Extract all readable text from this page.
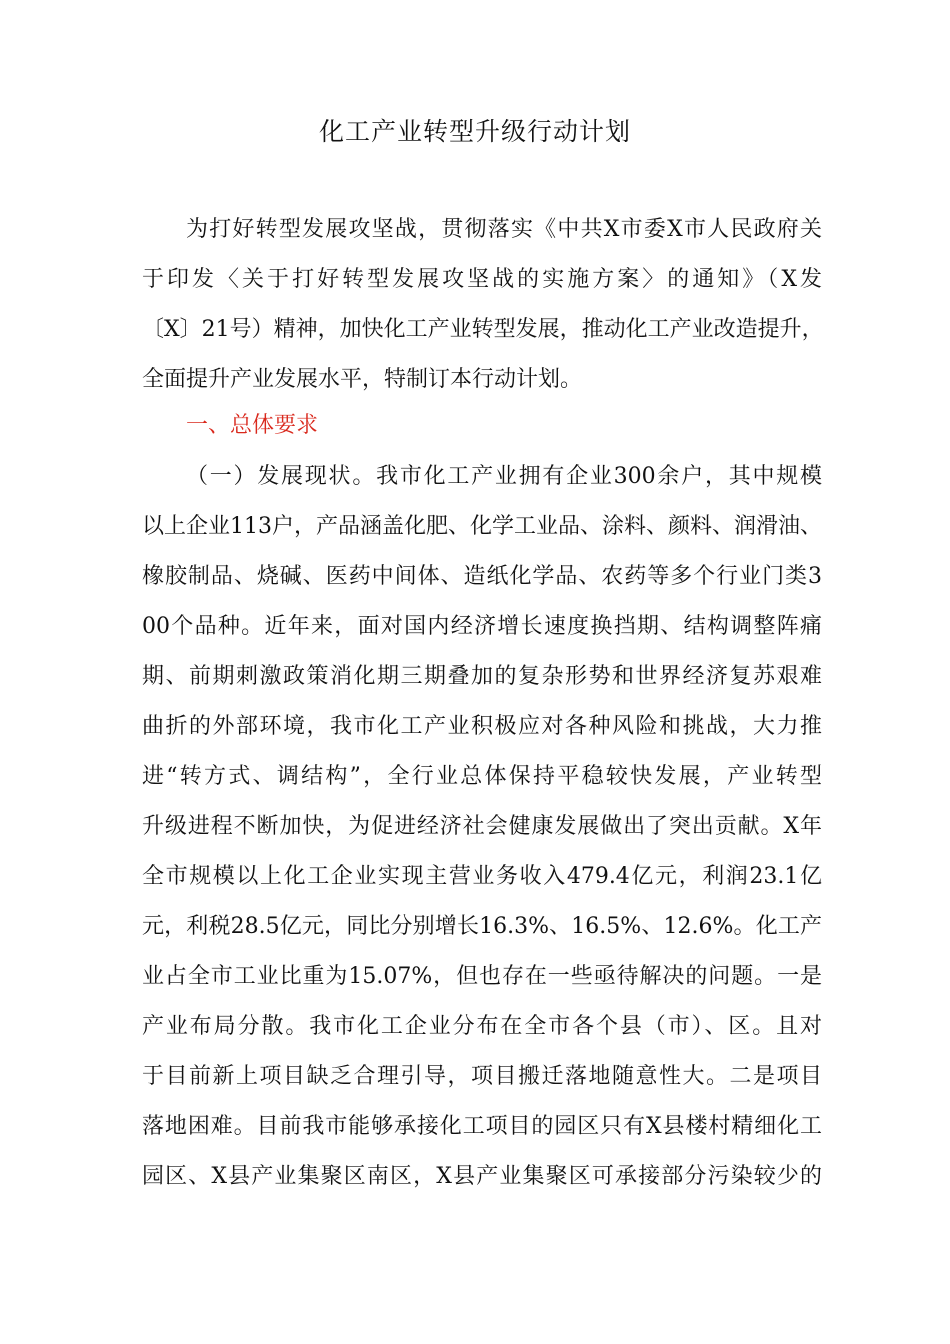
化工产业转型升级行动计划
为打好转型发展攻坚战，贯彻落实《中共X市委X市人民政府关
于印发〈关于打好转型发展攻坚战的实施方案〉的通知》（X发
〔X〕21号）精神，加快化工产业转型发展，推动化工产业改造提升，
全面提升产业发展水平，特制订本行动计划。
一、总体要求
（一）发展现状。我市化工产业拥有企业300余户，其中规模
以上企业113户，产品涵盖化肥、化学工业品、涂料、颜料、润滑油、
橡胶制品、烧碱、医药中间体、造纸化学品、农药等多个行业门类3
00个品种。近年来，面对国内经济增长速度换挡期、结构调整阵痛
期、前期刺激政策消化期三期叠加的复杂形势和世界经济复苏艰难
曲折的外部环境，我市化工产业积极应对各种风险和挑战，大力推
进“转方式、调结构”，全行业总体保持平稳较快发展，产业转型
升级进程不断加快，为促进经济社会健康发展做出了突出贡献。X年
全市规模以上化工企业实现主营业务收入479.4亿元，利润23.1亿
元，利税28.5亿元，同比分别增长16.3%、16.5%、12.6%。化工产
业占全市工业比重为15.07%，但也存在一些亟待解决的问题。一是
产业布局分散。我市化工企业分布在全市各个县（市）、区。且对
于目前新上项目缺乏合理引导，项目搬迁落地随意性大。二是项目
落地困难。目前我市能够承接化工项目的园区只有X县楼村精细化工
园区、X县产业集聚区南区，X县产业集聚区可承接部分污染较少的
